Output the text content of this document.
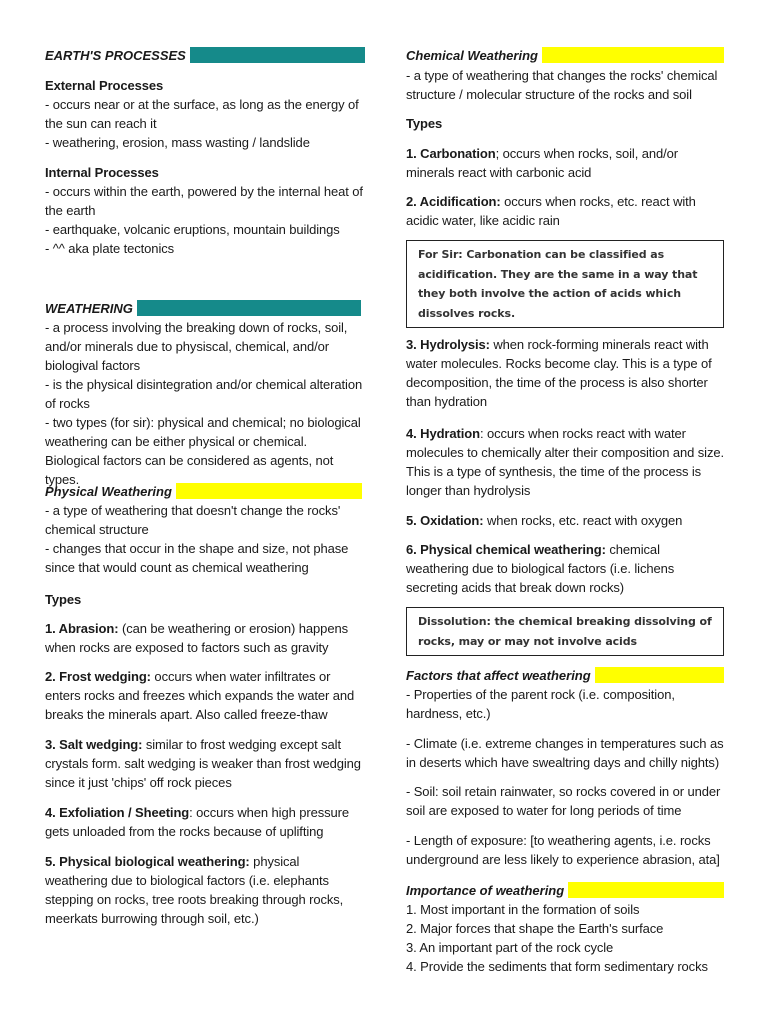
EARTH'S PROCESSES

External Processes

- occurs near or at the surface, as long as the energy of the sun can reach it

- weathering, erosion, mass wasting / landslide

Internal Processes

- occurs within the earth, powered by the internal heat of the earth

- earthquake, volcanic eruptions, mountain buildings

- ^^ aka plate tectonics

WEATHERING

- a process involving the breaking down of rocks, soil, and/or minerals due to physiscal, chemical, and/or biologival factors

- is the physical disintegration and/or chemical alteration of rocks

- two types (for sir): physical and chemical; no biological weathering can be either physical or chemical. Biological factors can be considered as agents, not types.

Physical Weathering

- a type of weathering that doesn't change the rocks' chemical structure

- changes that occur in the shape and size, not phase since that would count as chemical weathering

Types

1. Abrasion: (can be weathering or erosion) happens when rocks are exposed to factors such as gravity

2. Frost wedging: occurs when water infiltrates or enters rocks and freezes which expands the water and breaks the minerals apart. Also called freeze-thaw

3. Salt wedging: similar to frost wedging except salt crystals form. salt wedging is weaker than frost wedging since it just 'chips' off rock pieces

4. Exfoliation / Sheeting: occurs when high pressure gets unloaded from the rocks because of uplifting

5. Physical biological weathering: physical weathering due to biological factors (i.e. elephants stepping on rocks, tree roots breaking through rocks, meerkats burrowing through soil, etc.)

Chemical Weathering

- a type of weathering that changes the rocks' chemical structure / molecular structure of the rocks and soil

Types

1. Carbonation; occurs when rocks, soil, and/or minerals react with carbonic acid

2. Acidification: occurs when rocks, etc. react with acidic water, like acidic rain

For Sir: Carbonation can be classified as acidification. They are the same in a way that they both involve the action of acids which dissolves rocks.

3. Hydrolysis: when rock-forming minerals react with water molecules. Rocks become clay. This is a type of decomposition, the time of the process is also shorter than hydration

4. Hydration: occurs when rocks react with water molecules to chemically alter their composition and size. This is a type of synthesis, the time of the process is longer than hydrolysis

5. Oxidation: when rocks, etc. react with oxygen

6. Physical chemical weathering: chemical weathering due to biological factors (i.e. lichens secreting acids that break down rocks)

Dissolution: the chemical breaking dissolving of rocks, may or may not involve acids

Factors that affect weathering

- Properties of the parent rock (i.e. composition, hardness, etc.)

- Climate (i.e. extreme changes in temperatures such as in deserts which have swealtring days and chilly nights)

- Soil: soil retain rainwater, so rocks covered in or under soil are exposed to water for long periods of time

- Length of exposure: [to weathering agents, i.e. rocks underground are less likely to experience abrasion, ata]

Importance of weathering

1. Most important in the formation of soils

2. Major forces that shape the Earth's surface

3. An important part of the rock cycle

4. Provide the sediments that form sedimentary rocks
